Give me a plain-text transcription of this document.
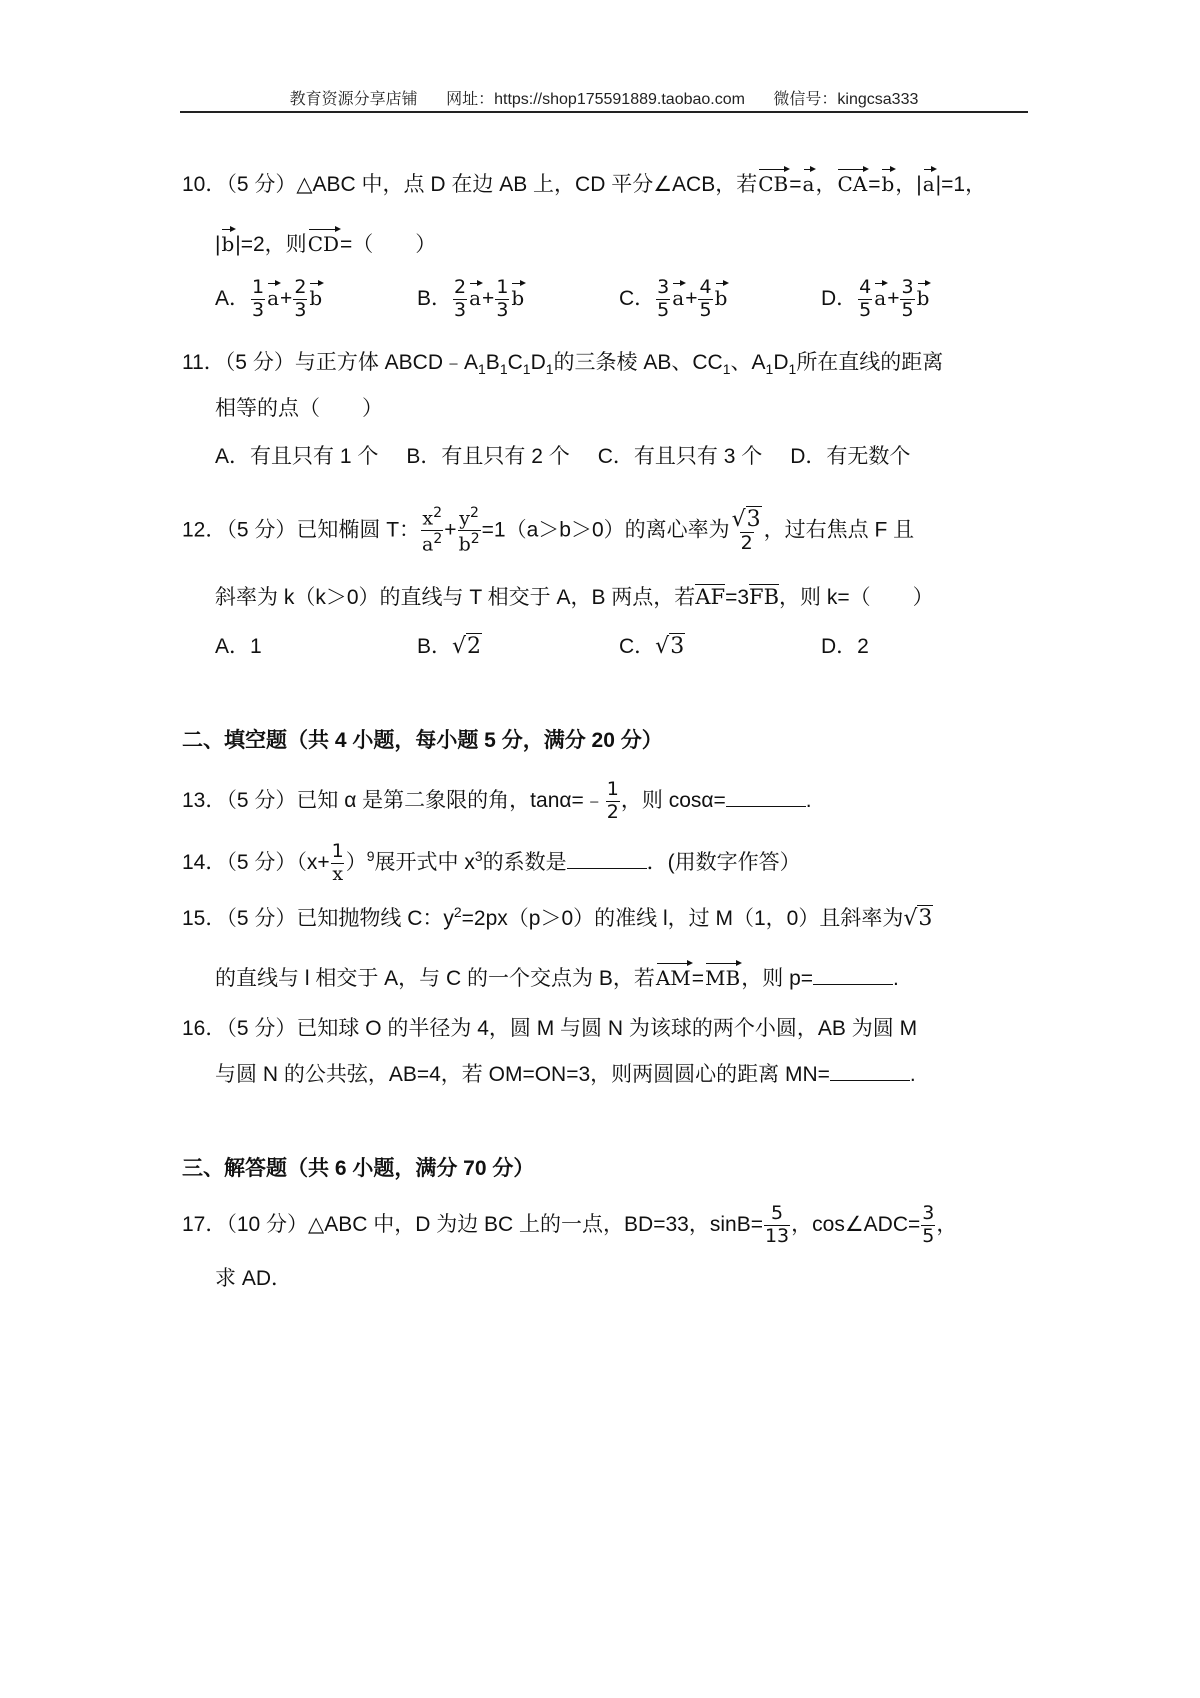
教育资源分享店铺 网址：https://shop175591889.taobao.com 微信号：kingcsa333
10．（5 分）△ABC 中，点 D 在边 AB 上，CD 平分∠ACB，若CB=a，CA=b，|a|=1，
|b|=2，则CD=（　　）
A． $\frac{1}{3} a+ \frac{2}{3}$ b	B． $\frac{2}{3} a+ \frac{1}{3}$ b	C． $\frac{3}{5} a+ \frac{4}{5}$ b	D． $\frac{4}{5} a+ \frac{3}{5}$ b
11．（5 分）与正方体 $ABCD﹣A_1B_1C_1D_1$的三条棱 AB、$CC_1$、$A_1D_1$所在直线的距离
相等的点（　　）
A．有且只有 1 个 B．有且只有 2 个 C．有且只有 3 个 D．有无数个
12．（5 分）已知椭圆 T： $\frac{x^2}{a^2} + \frac{y^2}{b^2} =1(a>b>0)$的离心率为 $\frac{√3}{2}$ ，过右焦点 F 且
斜率为 k（k＞0）的直线与 T 相交于 A，B 两点，若AF=3FB，则 k=（　　）
A．1	B．√2	C．√3	D．2
二、填空题（共 4 小题，每小题 5 分，满分 20 分）
13．（5 分）已知 α 是第二象限的角，tanα=﹣ $\frac{1}{2}$ ，则 cosα=	.
14．（5 分）$(x+ \frac{1}{x} )^9$展开式中 $x^3$的系数是	．(用数字作答）
15．（5 分）已知抛物线 C：$y^2=2px(p>0)$的准线 l，过 M（1，0）且斜率为√3
的直线与 l 相交于 A，与 C 的一个交点为 B，若AM=MB，则 p=	.
16．（5 分）已知球 O 的半径为 4，圆 M 与圆 N 为该球的两个小圆，AB 为圆 M
与圆 N 的公共弦，AB=4，若 OM=ON=3，则两圆圆心的距离 MN=	.
三、解答题（共 6 小题，满分 70 分）
17．（10 分）△ABC 中，D 为边 BC 上的一点，BD=33，$\sin B= \frac{5}{13}$ ，cos∠ADC= $\frac{3}{5}$ ，
求 AD．
